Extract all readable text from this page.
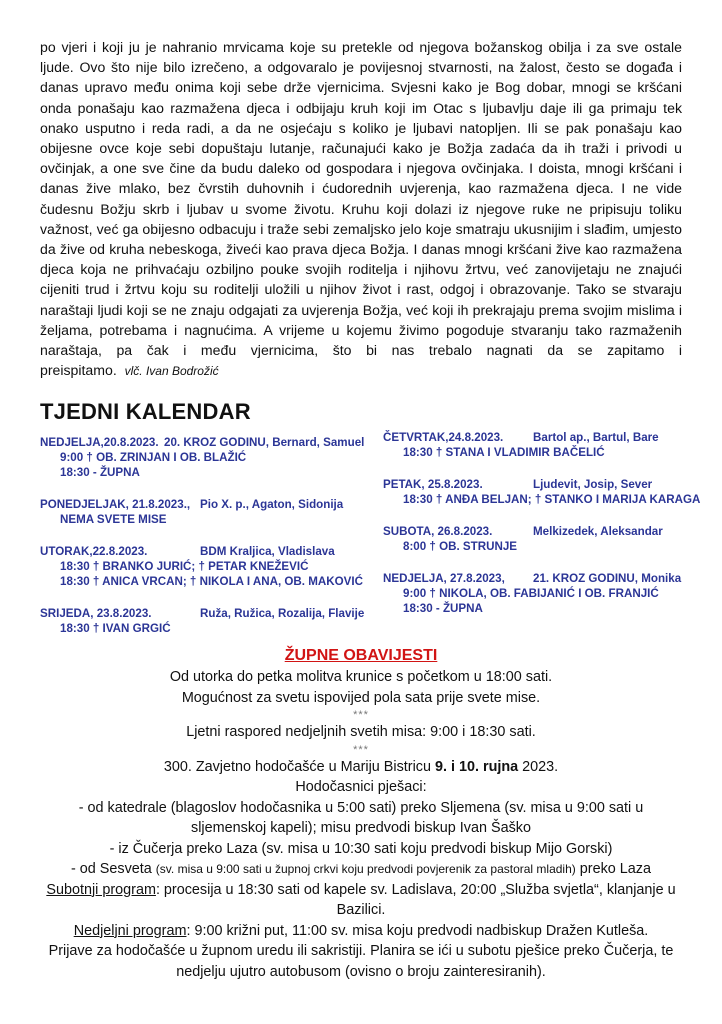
po vjeri i koji ju je nahranio mrvicama koje su pretekle od njegova božanskog obilja i za sve ostale ljude. Ovo što nije bilo izrečeno, a odgovaralo je povijesnoj stvarnosti, na žalost, često se događa i danas upravo među onima koji sebe drže vjernicima. Svjesni kako je Bog dobar, mnogi se kršćani onda ponašaju kao razmažena djeca i odbijaju kruh koji im Otac s ljubavlju daje ili ga primaju tek onako usputno i reda radi, a da ne osjećaju s koliko je ljubavi natopljen. Ili se pak ponašaju kao obijesne ovce koje sebi dopuštaju lutanje, računajući kako je Božja zadaća da ih traži i privodi u ovčinjak, a one sve čine da budu daleko od gospodara i njegova ovčinjaka. I doista, mnogi kršćani i danas žive mlako, bez čvrstih duhovnih i ćudorednih uvjerenja, kao razmažena djeca. I ne vide čudesnu Božju skrb i ljubav u svome životu. Kruhu koji dolazi iz njegove ruke ne pripisuju toliku važnost, već ga obijesno odbacuju i traže sebi zemaljsko jelo koje smatraju ukusnijim i slađim, umjesto da žive od kruha nebeskoga, živeći kao prava djeca Božja. I danas mnogi kršćani žive kao razmažena djeca koja ne prihvaćaju ozbiljno pouke svojih roditelja i njihovu žrtvu, već zanovijetaju ne znajući cijeniti trud i žrtvu koju su roditelji uložili u njihov život i rast, odgoj i obrazovanje. Tako se stvaraju naraštaji ljudi koji se ne znaju odgajati za uvjerenja Božja, već koji ih prekrajaju prema svojim mislima i željama, potrebama i nagnućima. A vrijeme u kojemu živimo pogoduje stvaranju tako razmaženih naraštaja, pa čak i među vjernicima, što bi nas trebalo nagnati da se zapitamo i preispitamo. vlč. Ivan Bodrožić
TJEDNI KALENDAR
NEDJELJA,20.8.2023. 20. KROZ GODINU, Bernard, Samuel
9:00 † OB. ZRINJAN I OB. BLAŽIĆ
18:30 - ŽUPNA
PONEDJELJAK, 21.8.2023., Pio X. p., Agaton, Sidonija
NEMA SVETE MISE
UTORAK,22.8.2023.	BDM Kraljica, Vladislava
18:30 † BRANKO JURIĆ; † PETAR KNEŽEVIĆ
18:30 † ANICA VRCAN; † NIKOLA I ANA, OB. MAKOVIĆ
SRIJEDA, 23.8.2023.	Ruža, Ružica, Rozalija, Flavije
18:30 † IVAN GRGIĆ
ČETVRTAK,24.8.2023.	Bartol ap., Bartul, Bare
18:30 † STANA I VLADIMIR BAČELIĆ
PETAK, 25.8.2023.	Ljudevit, Josip, Sever
18:30 † ANĐA BELJAN; † STANKO I MARIJA KARAGA
SUBOTA, 26.8.2023.	Melkizedek, Aleksandar
8:00 † OB. STRUNJE
NEDJELJA, 27.8.2023, 21. KROZ GODINU, Monika
9:00 † NIKOLA, OB. FABIJANIĆ I OB. FRANJIĆ
18:30 - ŽUPNA
ŽUPNE OBAVIJESTI

Od utorka do petka molitva krunice s početkom u 18:00 sati.

Mogućnost za svetu ispovijed pola sata prije svete mise.

***

Ljetni raspored nedjeljnih svetih misa: 9:00 i 18:30 sati.

***

300. Zavjetno hodočašće u Mariju Bistricu 9. i 10. rujna 2023.

Hodočasnici pješaci:

- od katedrale (blagoslov hodočasnika u 5:00 sati) preko Sljemena (sv. misa u 9:00 sati u sljemenskoj kapeli); misu predvodi biskup Ivan Šaško

- iz Čučerja preko Laza (sv. misa u 10:30 sati koju predvodi biskup Mijo Gorski)

- od Sesveta (sv. misa u 9:00 sati u župnoj crkvi koju predvodi povjerenik za pastoral mladih) preko Laza

Subotnji program: procesija u 18:30 sati od kapele sv. Ladislava, 20:00 „Služba svjetla“, klanjanje u Bazilici.

Nedjeljni program: 9:00 križni put, 11:00 sv. misa koju predvodi nadbiskup Dražen Kutleša.

Prijave za hodočašće u župnom uredu ili sakristiji. Planira se ići u subotu pješice preko Čučerja, te nedjelju ujutro autobusom (ovisno o broju zainteresiranih).
